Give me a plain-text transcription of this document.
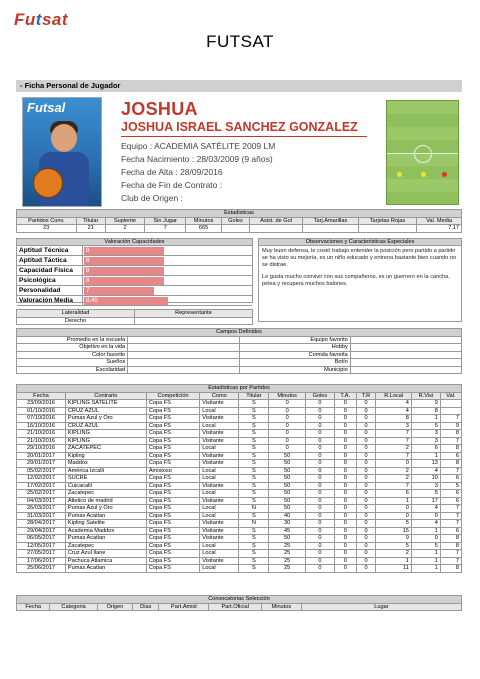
Futsat
FUTSAT
- Ficha Personal de Jugador
Futsal	JOSHUA
JOSHUA ISRAEL SANCHEZ GONZALEZ
Equipo : ACADEMIA SATÉLITE 2009 LM
Fecha Nacimiento : 28/03/2009 (9 años)
Fecha de Alta : 28/09/2016
Fecha de Fin de Contrato :
Club de Origen :
Estadisticas									
Partidos Conv.	Titular	Suplente	Sin Jugar	Minutos	Goles	Asist. de Gol	Tarj.Amarillas	Tarjetas Rojas	Val. Media
23	21	2	7	665					7,17
Valoración Capacidades
Aptitud Técnica	8
Aptitud Táctica	8
Capacidad Física	8
Psicológica	8
Personalidad	7
Valoración Media	8,40
Observaciones y Caracteristicas Especiales
Muy buen defensa, le costó trabajo entender la posición pero partido a partido se ha visto su mejoría, es un niño educado y entrena bastante bien cuando no se distrae.
Le gusta mucho convivir con sus compañeros, es un guerrero en la cancha, pelea y recupera muchos balones.
Lateralidad	Representante
Derecho	
Campos Definidos			
Promedio en la escuela		Equipo favorito	
Objetivo en la vida		Hobby	
Color favorito		Comida favorita	
Sueños		Botín	
Escolaridad		Municipio	
Estadisticas por Partidos											
Fecha	Contrario	Competición	Como	Titular	Minutos	Goles	T.A.	T.R	R.Local	R.Visi	Val.
23/09/2016	KIPLING SATELITE	Copa FS	Visitante	S	0	0	0	0	4	9	
01/10/2016	CRUZ AZUL	Copa FS	Local	S	0	0	0	0	4	8	
07/10/2016	Pumas Azul y Oro	Copa FS	Visitante	S	0	0	0	0	8	1	7
16/10/2016	CRUZ AZUL	Copa FS	Local	S	0	0	0	0	3	5	9
21/10/2016	KIPLING	Copa FS	Visitante	S	0	0	0	0	7	3	8
21/10/2016	KIPLING	Copa FS	Visitante	S	0	0	0	0	7	3	7
29/10/2016	ZACATEPEC	Copa FS	Local	S	0	0	0	0	2	6	8
20/01/2017	Kipling	Copa FS	Visitante	S	50	0	0	0	7	1	6
29/01/2017	Maddox	Copa FS	Visitante	S	50	0	0	0	0	13	8
05/02/2017	América Izcalli	Amistoso	Local	S	50	0	0	0	2	4	7
12/02/2017	SUCRE	Copa FS	Local	S	50	0	0	0	2	10	6
17/02/2017	Cuicacalli	Copa FS	Visitante	S	50	0	0	0	7	3	5
25/02/2017	Zacatepec	Copa FS	Local	S	50	0	0	0	6	5	6
04/03/2017	Atletico de madrid	Copa FS	Visitante	S	50	0	0	0	1	17	6
26/03/2017	Pumas Azul y Oro	Copa FS	Local	N	50	0	0	0	0	4	7
31/03/2017	Pumas Acatlan	Copa FS	Local	S	40	0	0	0	0	0	7
28/04/2017	Kipling Satelite	Copa FS	Visitante	N	30	0	0	0	5	4	7
29/04/2017	Academia Maddox	Copa FS	Visitante	S	45	0	0	0	15	1	6
06/05/2017	Pumas Acatlan	Copa FS	Visitante	S	50	0	0	0	9	0	8
12/05/2017	Zacatepec	Copa FS	Local	S	25	0	0	0	5	5	8
27/05/2017	Cruz Azul Ilane	Copa FS	Local	S	25	0	0	0	2	1	7
17/06/2017	Pachuca Atlamica	Copa FS	Visitante	S	25	0	0	0	1	1	7
25/06/2017	Pumas Acatlan	Copa FS	Local	S	25	0	0	0	11	1	8
Convocatorias Selección
Fecha	Categoria	Origen	Dias	Part.Amist	Part.Oficial	Minutos	Lugar
